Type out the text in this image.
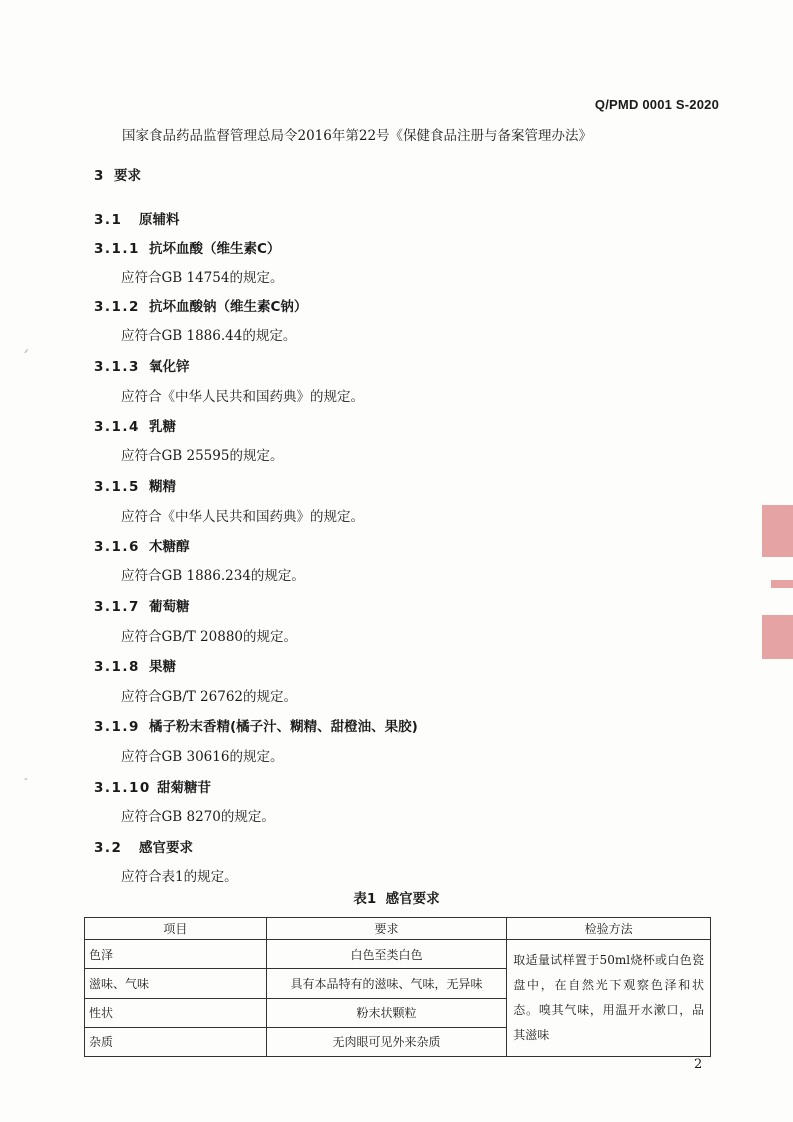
Q/PMD 0001 S-2020
国家食品药品监督管理总局令2016年第22号《保健食品注册与备案管理办法》
3 要求
3.1 原辅料
3.1.1 抗坏血酸（维生素C）
应符合GB 14754的规定。
3.1.2 抗坏血酸钠（维生素C钠）
应符合GB 1886.44的规定。
3.1.3 氧化锌
应符合《中华人民共和国药典》的规定。
3.1.4 乳糖
应符合GB 25595的规定。
3.1.5 糊精
应符合《中华人民共和国药典》的规定。
3.1.6 木糖醇
应符合GB 1886.234的规定。
3.1.7 葡萄糖
应符合GB/T 20880的规定。
3.1.8 果糖
应符合GB/T 26762的规定。
3.1.9 橘子粉末香精(橘子汁、糊精、甜橙油、果胶)
应符合GB 30616的规定。
3.1.10 甜菊糖苷
应符合GB 8270的规定。
3.2 感官要求
应符合表1的规定。
表1 感官要求
项目	要求	检验方法
色泽	白色至类白色	取适量试样置于50ml烧杯或白色瓷盘中，在自然光下观察色泽和状态。嗅其气味，用温开水漱口，品其滋味
滋味、气味	具有本品特有的滋味、气味，无异味	
性状	粉末状颗粒	
杂质	无肉眼可见外来杂质	
2
ᐟ
-
